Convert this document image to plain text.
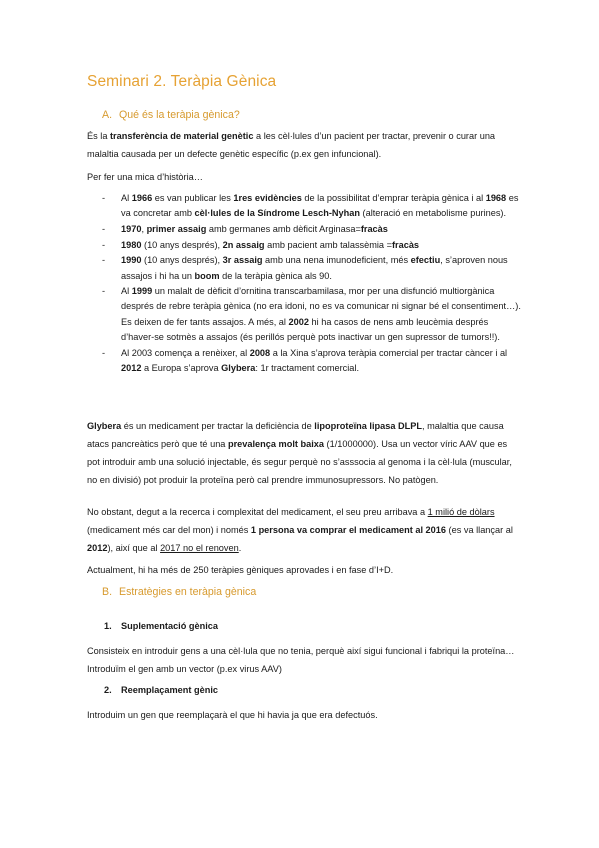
Seminari 2. Teràpia Gènica
A. Qué és la teràpia gènica?
És la transferència de material genètic a les cèl·lules d’un pacient per tractar, prevenir o curar una malaltia causada per un defecte genètic específic (p.ex gen infuncional).
Per fer una mica d’història…
- Al 1966 es van publicar les 1res evidències de la possibilitat d’emprar teràpia gènica i al 1968 es va concretar amb cèl·lules de la Síndrome Lesch-Nyhan (alteració en metabolisme purines).
- 1970, primer assaig amb germanes amb dèficit Arginasa=fracàs
- 1980 (10 anys després), 2n assaig amb pacient amb talassèmia =fracàs
- 1990 (10 anys després), 3r assaig amb una nena imunodeficient, més efectiu, s’aproven nous assajos i hi ha un boom de la teràpia gènica als 90.
- Al 1999 un malalt de dèficit d’ornitina transcarbamilasa, mor per una disfunció multiorgànica després de rebre teràpia gènica (no era idoni, no es va comunicar ni signar bé el consentiment…). Es deixen de fer tants assajos. A més, al 2002 hi ha casos de nens amb leucèmia després d’haver-se sotmès a assajos (és perillós perquè pots inactivar un gen supressor de tumors!!).
- Al 2003 comença a renèixer, al 2008 a la Xina s’aprova teràpia comercial per tractar càncer i al 2012 a Europa s’aprova Glybera: 1r tractament comercial.
Glybera és un medicament per tractar la deficiència de lipoproteïna lipasa DLPL, malaltia que causa atacs pancreàtics però que té una prevalença molt baixa (1/1000000). Usa un vector víric AAV que es pot introduir amb una solució injectable, és segur perquè no s’asssocia al genoma i la cèl·lula (muscular, no en divisió) pot produir la proteïna però cal prendre immunosupressors. No patògen.
No obstant, degut a la recerca i complexitat del medicament, el seu preu arribava a 1 milió de dòlars (medicament més car del mon) i només 1 persona va comprar el medicament al 2016 (es va llançar al 2012), així que al 2017 no el renoven.
Actualment, hi ha més de 250 teràpies gèniques aprovades i en fase d’I+D.
B. Estratègies en teràpia gènica
1. Suplementació gènica
Consisteix en introduir gens a una cèl·lula que no tenia, perquè així sigui funcional i fabriqui la proteïna… Introduïm el gen amb un vector (p.ex virus AAV)
2. Reemplaçament gènic
Introduim un gen que reemplaçarà el que hi havia ja que era defectuós.
